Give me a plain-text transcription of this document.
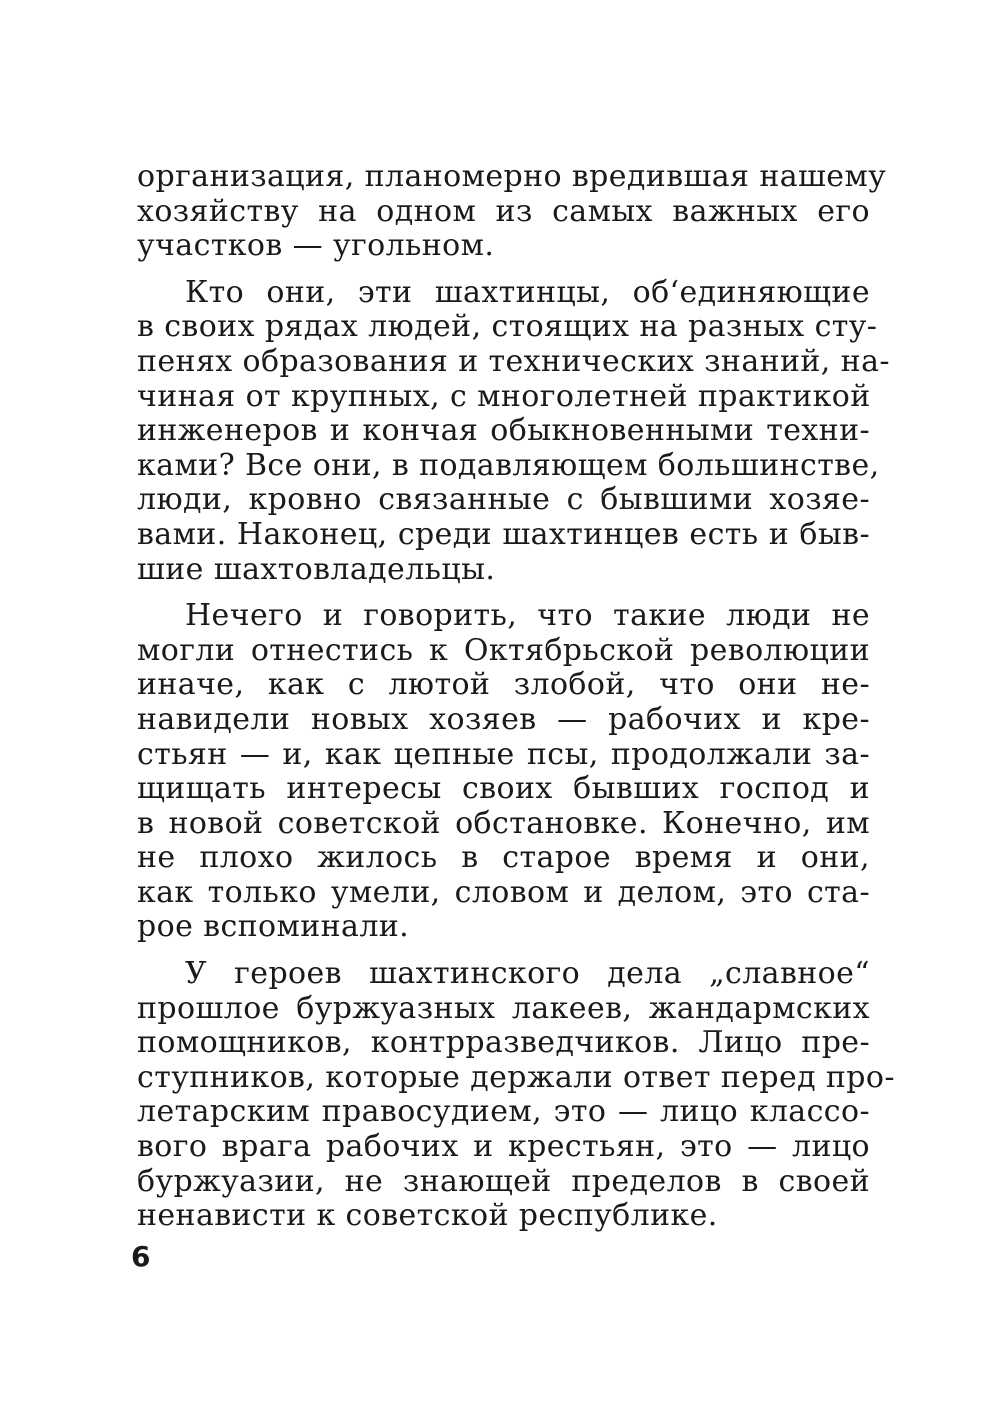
организация, планомерно вредившая нашему
хозяйству на одном из самых важных его
участков — угольном.
Кто они, эти шахтинцы, об‘единяющие
в своих рядах людей, стоящих на разных сту-
пенях образования и технических знаний, на-
чиная от крупных, с многолетней практикой
инженеров и кончая обыкновенными техни-
ками? Все они, в подавляющем большинстве,
люди, кровно связанные с бывшими хозяе-
вами. Наконец, среди шахтинцев есть и быв-
шие шахтовладельцы.
Нечего и говорить, что такие люди не
могли отнестись к Октябрьской революции
иначе, как с лютой злобой, что они не-
навидели новых хозяев — рабочих и кре-
стьян — и, как цепные псы, продолжали за-
щищать интересы своих бывших господ и
в новой советской обстановке. Конечно, им
не плохо жилось в старое время и они,
как только умели, словом и делом, это ста-
рое вспоминали.
У героев шахтинского дела „славное“
прошлое буржуазных лакеев, жандармских
помощников, контрразведчиков. Лицо пре-
ступников, которые держали ответ перед про-
летарским правосудием, это — лицо классо-
вого врага рабочих и крестьян, это — лицо
буржуазии, не знающей пределов в своей
ненависти к советской республике.
6
